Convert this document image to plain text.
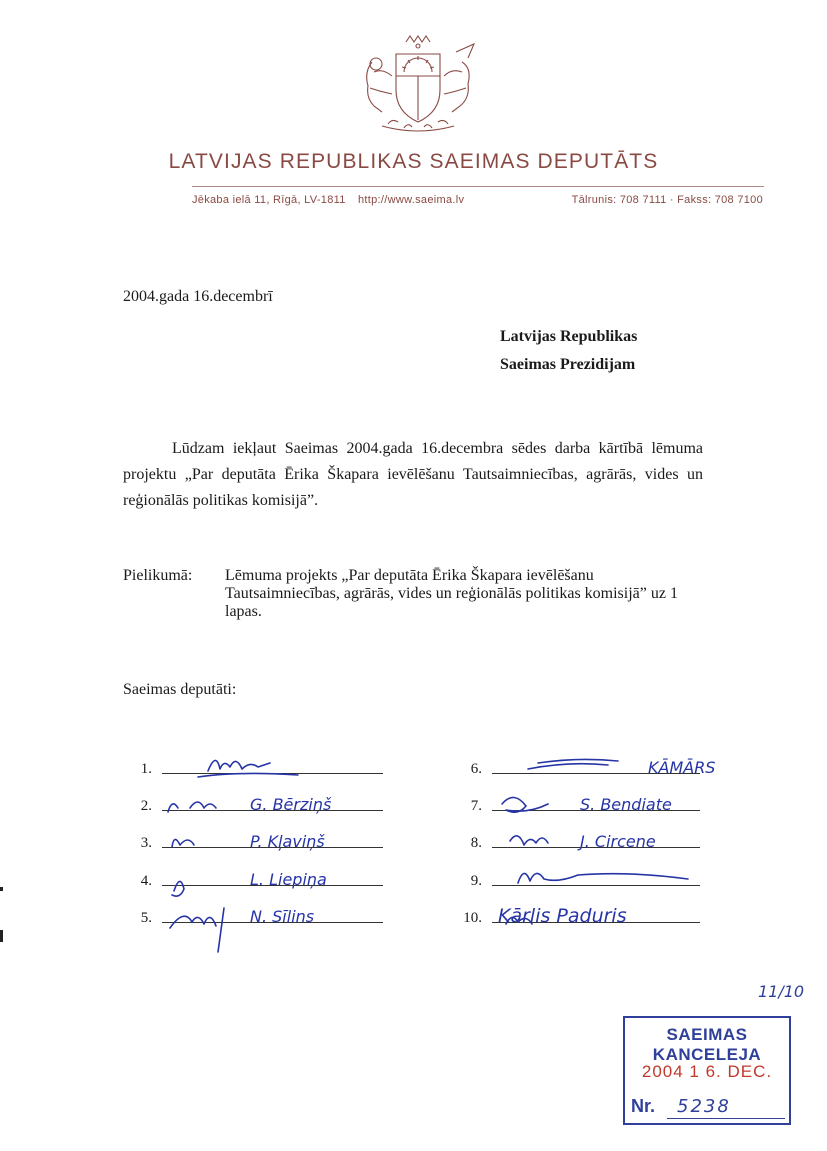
LATVIJAS REPUBLIKAS SAEIMAS DEPUTĀTS
Jēkaba ielā 11, Rīgā, LV-1811 http://www.saeima.lv	Tālrunis: 708 7111 · Fakss: 708 7100
2004.gada 16.decembrī
Latvijas Republikas
Saeimas Prezidijam
Lūdzam iekļaut Saeimas 2004.gada 16.decembra sēdes darba kārtībā lēmuma projektu „Par deputāta Ērika Škapara ievēlēšanu Tautsaimniecības, agrārās, vides un reģionālās politikas komisijā”.
Pielikumā: Lēmuma projekts „Par deputāta Ērika Škapara ievēlēšanu Tautsaimniecības, agrārās, vides un reģionālās politikas komisijā” uz 1 lapas.
Saeimas deputāti:
1.
2.	G. Bērziņš
3.	P. Kļaviņš
4.	L. Liepiņa
5.	N. Sīlins
6.	KĀMĀRS
7.	S. Bendiate
8.	J. Circene
9.
10. Kārlis Paduris
11/10
SAEIMAS KANCELEJA
2004 1 6. DEC.
Nr. 5238
